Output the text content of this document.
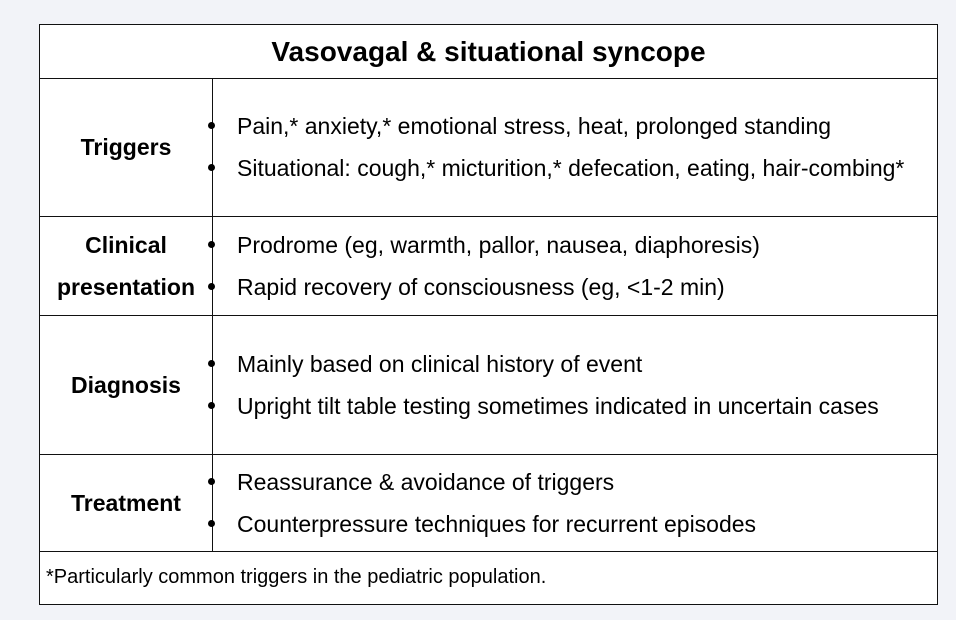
Vasovagal & situational syncope
Triggers
Pain,* anxiety,* emotional stress, heat, prolonged standing
Situational: cough,* micturition,* defecation, eating, hair-combing*
Clinical presentation
Prodrome (eg, warmth, pallor, nausea, diaphoresis)
Rapid recovery of consciousness (eg, <1-2 min)
Diagnosis
Mainly based on clinical history of event
Upright tilt table testing sometimes indicated in uncertain cases
Treatment
Reassurance & avoidance of triggers
Counterpressure techniques for recurrent episodes
*Particularly common triggers in the pediatric population.
